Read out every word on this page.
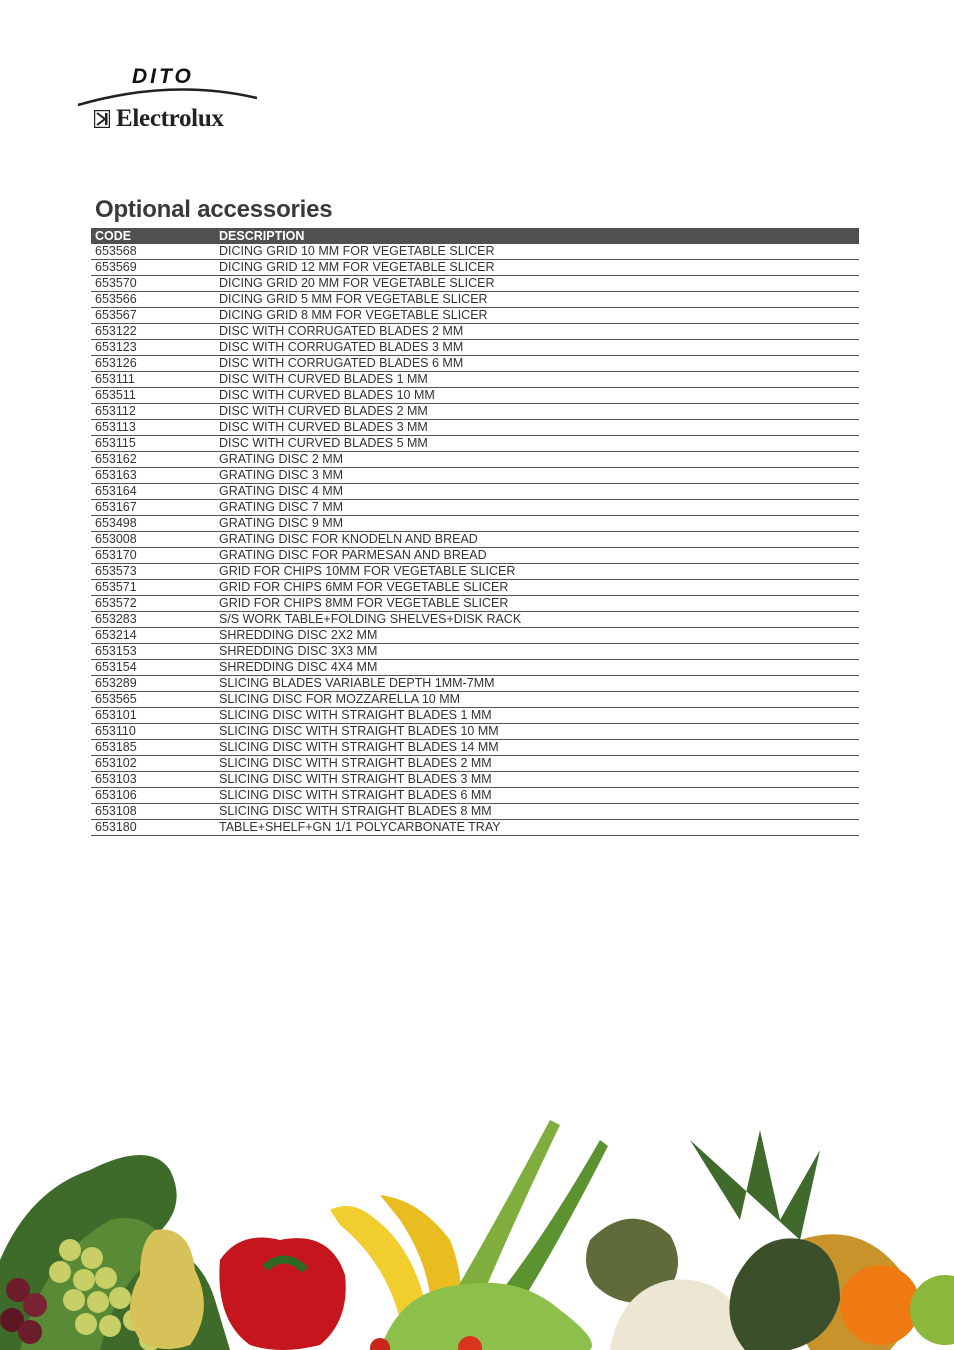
DITO
Electrolux
Optional accessories
CODE	DESCRIPTION
653568	DICING GRID 10 MM FOR VEGETABLE SLICER
653569	DICING GRID 12 MM FOR VEGETABLE SLICER
653570	DICING GRID 20 MM FOR VEGETABLE SLICER
653566	DICING GRID 5 MM FOR VEGETABLE SLICER
653567	DICING GRID 8 MM FOR VEGETABLE SLICER
653122	DISC WITH CORRUGATED BLADES 2 MM
653123	DISC WITH CORRUGATED BLADES 3 MM
653126	DISC WITH CORRUGATED BLADES 6 MM
653111	DISC WITH CURVED BLADES 1 MM
653511	DISC WITH CURVED BLADES 10 MM
653112	DISC WITH CURVED BLADES 2 MM
653113	DISC WITH CURVED BLADES 3 MM
653115	DISC WITH CURVED BLADES 5 MM
653162	GRATING DISC 2 MM
653163	GRATING DISC 3 MM
653164	GRATING DISC 4 MM
653167	GRATING DISC 7 MM
653498	GRATING DISC 9 MM
653008	GRATING DISC FOR KNODELN AND BREAD
653170	GRATING DISC FOR PARMESAN AND BREAD
653573	GRID FOR CHIPS 10MM FOR VEGETABLE SLICER
653571	GRID FOR CHIPS 6MM FOR VEGETABLE SLICER
653572	GRID FOR CHIPS 8MM FOR VEGETABLE SLICER
653283	S/S WORK TABLE+FOLDING SHELVES+DISK RACK
653214	SHREDDING DISC 2X2 MM
653153	SHREDDING DISC 3X3 MM
653154	SHREDDING DISC 4X4 MM
653289	SLICING BLADES VARIABLE DEPTH 1MM-7MM
653565	SLICING DISC FOR MOZZARELLA 10 MM
653101	SLICING DISC WITH STRAIGHT BLADES 1 MM
653110	SLICING DISC WITH STRAIGHT BLADES 10 MM
653185	SLICING DISC WITH STRAIGHT BLADES 14 MM
653102	SLICING DISC WITH STRAIGHT BLADES 2 MM
653103	SLICING DISC WITH STRAIGHT BLADES 3 MM
653106	SLICING DISC WITH STRAIGHT BLADES 6 MM
653108	SLICING DISC WITH STRAIGHT BLADES 8 MM
653180	TABLE+SHELF+GN 1/1 POLYCARBONATE TRAY
